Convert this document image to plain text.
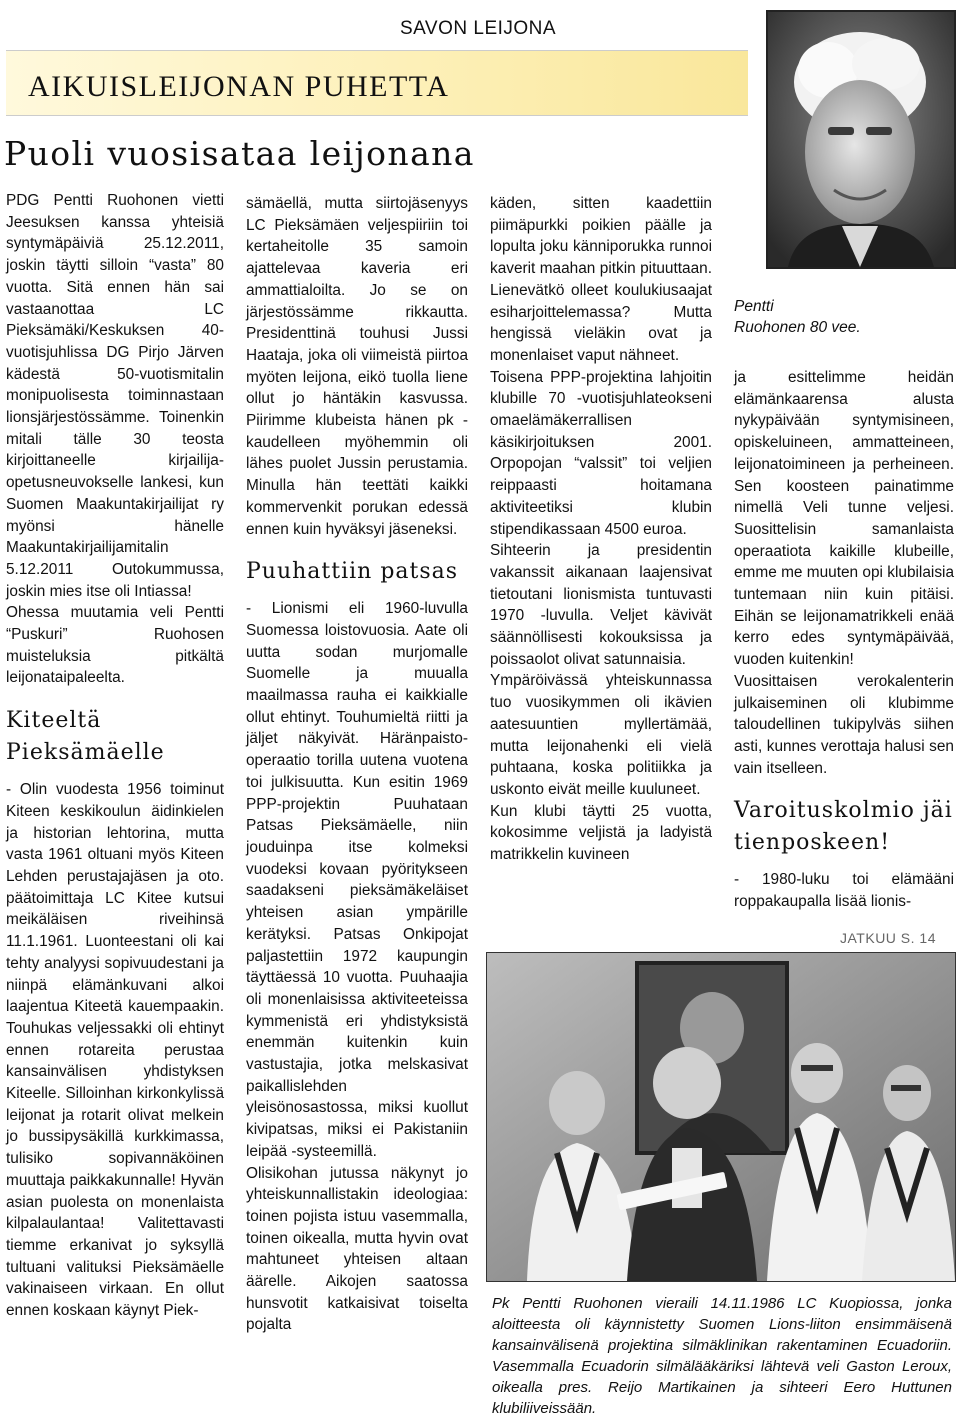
SAVON LEIJONA
AIKUISLEIJONAN PUHETTA
Puoli vuosisataa leijonana
Pentti
Ruohonen 80 vee.

PDG Pentti Ruohonen vietti Jeesuksen kanssa yhteisiä syntymäpäiviä 25.12.2011, joskin täytti silloin “vasta” 80 vuotta. Sitä ennen hän sai vastaanottaa LC Pieksämäki/Keskuksen 40-vuotisjuhlissa DG Pirjo Järven kädestä 50-vuotismitalin monipuolisesta toiminnastaan lionsjärjestössämme. Toinenkin mitali tälle 30 teosta kirjoittaneelle kirjailija-opetusneuvokselle lankesi, kun Suomen Maakuntakirjailijat ry myönsi hänelle Maakuntakirjailijamitalin 5.12.2011 Outokummussa, joskin mies itse oli Intiassa!

Ohessa muutamia veli Pentti “Puskuri” Ruohosen muisteluksia pitkältä leijonataipaleelta.

Kiteeltä Pieksämäelle

- Olin vuodesta 1956 toiminut Kiteen keskikoulun äidinkielen ja historian lehtorina, mutta vasta 1961 oltuani myös Kiteen Lehden perustajajäsen ja oto. päätoimittaja LC Kitee kutsui meikäläisen riveihinsä 11.1.1961. Luonteestani oli kai tehty analyysi sopivuudestani ja niinpä elämänkuvani alkoi laajentua Kiteetä kauempaakin. Touhukas veljessakki oli ehtinyt ennen rotareita perustaa kansainvälisen yhdistyksen Kiteelle. Silloinhan kirkonkylissä leijonat ja rotarit olivat melkein jo bussipysäkillä kurkkimassa, tulisiko sopivannäköinen muuttaja paikkakunnalle! Hyvän asian puolesta on monenlaista kilpalaulantaa! Valitettavasti tiemme erkanivat jo syksyllä tultuani valituksi Pieksämäelle vakinaiseen virkaan. En ollut ennen koskaan käynyt Piek-

sämäellä, mutta siirtojäsenyys LC Pieksämäen veljespiiriin toi kertaheitolle 35 samoin ajattelevaa kaveria eri ammattialoilta. Jo se on järjestössämme rikkautta. Presidenttinä touhusi Jussi Haataja, joka oli viimeistä piirtoa myöten leijona, eikö tuolla liene ollut jo häntäkin kasvussa. Piirimme klubeista hänen pk -kaudelleen myöhemmin oli lähes puolet Jussin perustamia. Minulla hän teettäti kaikki kommervenkit porukan edessä ennen kuin hyväksyi jäseneksi.

Puuhattiin patsas

- Lionismi eli 1960-luvulla Suomessa loistovuosia. Aate oli uutta sodan murjomalle Suomelle ja muualla maailmassa rauha ei kaikkialle ollut ehtinyt. Touhumieltä riitti ja jäljet näkyivät. Häränpaisto-operaatio torilla uutena vuotena toi julkisuutta. Kun esitin 1969 PPP-projektin Puuhataan Patsas Pieksämäelle, niin jouduinpa itse kolmeksi vuodeksi kovaan pyöritykseen saadakseni pieksämäkeläiset yhteisen asian ympärille kerätyksi. Patsas Onkipojat paljastettiin 1972 kaupungin täyttäessä 10 vuotta. Puuhaajia oli monenlaisissa aktiviteeteissa kymmenistä eri yhdistyksistä enemmän kuitenkin kuin vastustajia, jotka melskasivat paikallislehden yleisönosastossa, miksi kuollut kivipatsas, miksi ei Pakistaniin leipää -systeemillä.

Olisikohan jutussa näkynyt jo yhteiskunnallistakin ideologiaa: toinen pojista istuu vasemmalla, toinen oikealla, mutta hyvin ovat mahtuneet yhteisen altaan äärelle. Aikojen saatossa hunsvotit katkaisivat toiselta pojalta

käden, sitten kaadettiin piimäpurkki poikien päälle ja lopulta joku känniporukka runnoi kaverit maahan pitkin pituuttaan. Lienevätkö olleet koulukiusaajat esiharjoittelemassa? Mutta hengissä vieläkin ovat ja monenlaiset vaput nähneet.

Toisena PPP-projektina lahjoitin klubille 70 -vuotisjuhlateokseni omaelämäkerrallisen käsikirjoituksen 2001. Orpopojan “valssit” toi veljien reippaasti hoitamana aktiviteetiksi klubin stipendikassaan 4500 euroa.

Sihteerin ja presidentin vakanssit aikanaan laajensivat tietoutani lionismista tuntuvasti 1970 -luvulla. Veljet kävivät säännöllisesti kokouksissa ja poissaolot olivat satunnaisia.

Ympäröivässä yhteiskunnassa tuo vuosikymmen oli ikävien aatesuuntien myllertämää, mutta leijonahenki eli vielä puhtaana, koska politiikka ja uskonto eivät meille kuuluneet.

Kun klubi täytti 25 vuotta, kokosimme veljistä ja ladyistä matrikkelin kuvineen

ja esittelimme heidän elämänkaarensa alusta nykypäivään syntymisineen, opiskeluineen, ammatteineen, leijonatoimineen ja perheineen. Sen koosteen painatimme nimellä Veli tunne veljesi. Suosittelisin samanlaista operaatiota kaikille klubeille, emme me muuten opi klubilaisia tuntemaan niin kuin pitäisi. Eihän se leijonamatrikkeli enää kerro edes syntymäpäivää, vuoden kuitenkin!

Vuosittaisen verokalenterin julkaiseminen oli klubimme taloudellinen tukipylväs siihen asti, kunnes verottaja halusi sen vain itselleen.

Varoituskolmio jäi tienposkeen!

- 1980-luku toi elämääni roppakaupalla lisää lionis-

JATKUU S. 14
Pk Pentti Ruohonen vieraili 14.11.1986 LC Kuopiossa, jonka aloitteesta oli käynnistetty Suomen Lions-liiton ensimmäisenä kansainvälisenä projektina silmäklinikan rakentaminen Ecuadoriin. Vasemmalla Ecuadorin silmälääkäriksi lähtevä veli Gaston Leroux, oikealla pres. Reijo Martikainen ja sihteeri Eero Huttunen klubiliiveissään.
